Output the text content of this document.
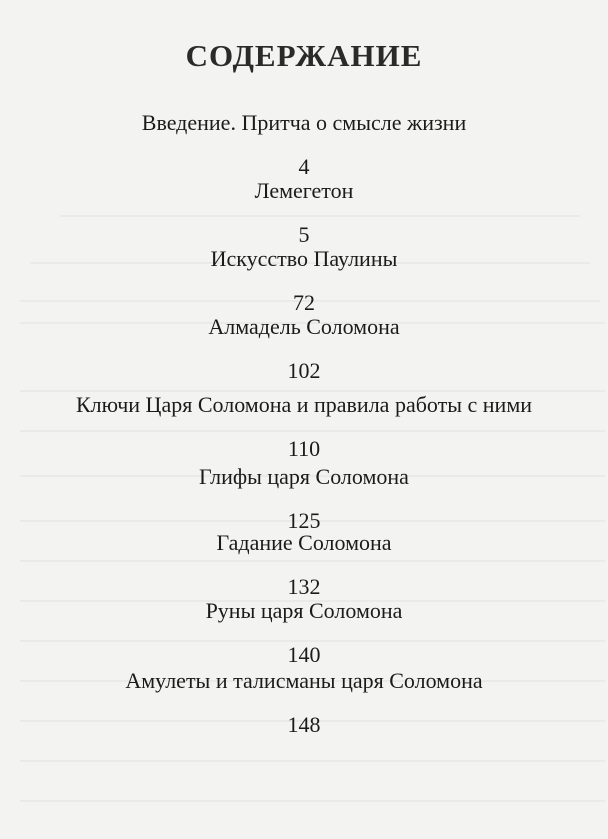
СОДЕРЖАНИЕ
Введение. Притча о смысле жизни
4
Лемегетон
5
Искусство Паулины
72
Алмадель Соломона
102
Ключи Царя Соломона и правила работы с ними
110
Глифы царя Соломона
125
Гадание Соломона
132
Руны царя Соломона
140
Амулеты и талисманы царя Соломона
148
